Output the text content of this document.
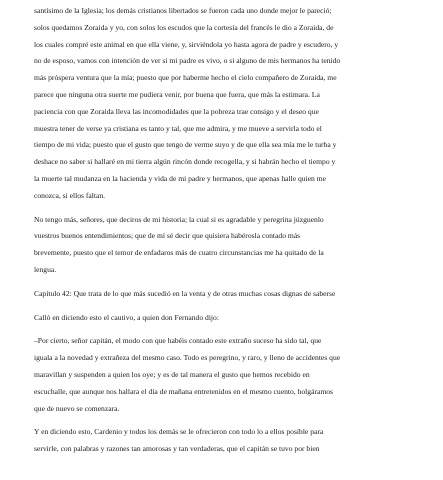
santísimo de la Iglesia; los demás cristianos libertados se fueron cada uno donde mejor le pareció;
solos quedamos Zoraida y yo, con solos los escudos que la cortesía del francés le dio a Zoraida, de
los cuales compré este animal en que ella viene, y, sirviéndola yo hasta agora de padre y escudero, y
no de esposo, vamos con intención de ver si mi padre es vivo, o si alguno de mis hermanos ha tenido
más próspera ventura que la mía; puesto que por haberme hecho el cielo compañero de Zoraida, me
parece que ninguna otra suerte me pudiera venir, por buena que fuera, que más la estimara. La
paciencia con que Zoraida lleva las incomodidades que la pobreza trae consigo y el deseo que
muestra tener de verse ya cristiana es tanto y tal, que me admira, y me mueve a servirla todo el
tiempo de mi vida; puesto que el gusto que tengo de verme suyo y de que ella sea mía me le turba y
deshace no saber si hallaré en mi tierra algún rincón donde recogella, y si habrán hecho el tiempo y
la muerte tal mudanza en la hacienda y vida de mi padre y hermanos, que apenas halle quien me
conozca, si ellos faltan.

No tengo más, señores, que deciros de mi historia; la cual si es agradable y peregrina júzguenlo
vuestros buenos entendimientos; que de mí sé decir que quisiera habérosla contado más
brevemente, puesto que el temor de enfadaros más de cuatro circunstancias me ha quitado de la
lengua.

Capítulo 42: Que trata de lo que más sucedió en la venta y de otras muchas cosas dignas de saberse

Calló en diciendo esto el cautivo, a quien don Fernando dijo:

–Por cierto, señor capitán, el modo con que habéis contado este extraño suceso ha sido tal, que
iguala a la novedad y extrañeza del mesmo caso. Todo es peregrino, y raro, y lleno de accidentes que
maravillan y suspenden a quien los oye; y es de tal manera el gusto que hemos recebido en
escuchalle, que aunque nos hallara el día de mañana entretenidos en el mesmo cuento, holgáramos
que de nuevo se comenzara.

Y en diciendo esto, Cardenio y todos los demás se le ofrecieron con todo lo a ellos posible para
servirle, con palabras y razones tan amorosas y tan verdaderas, que el capitán se tuvo por bien
